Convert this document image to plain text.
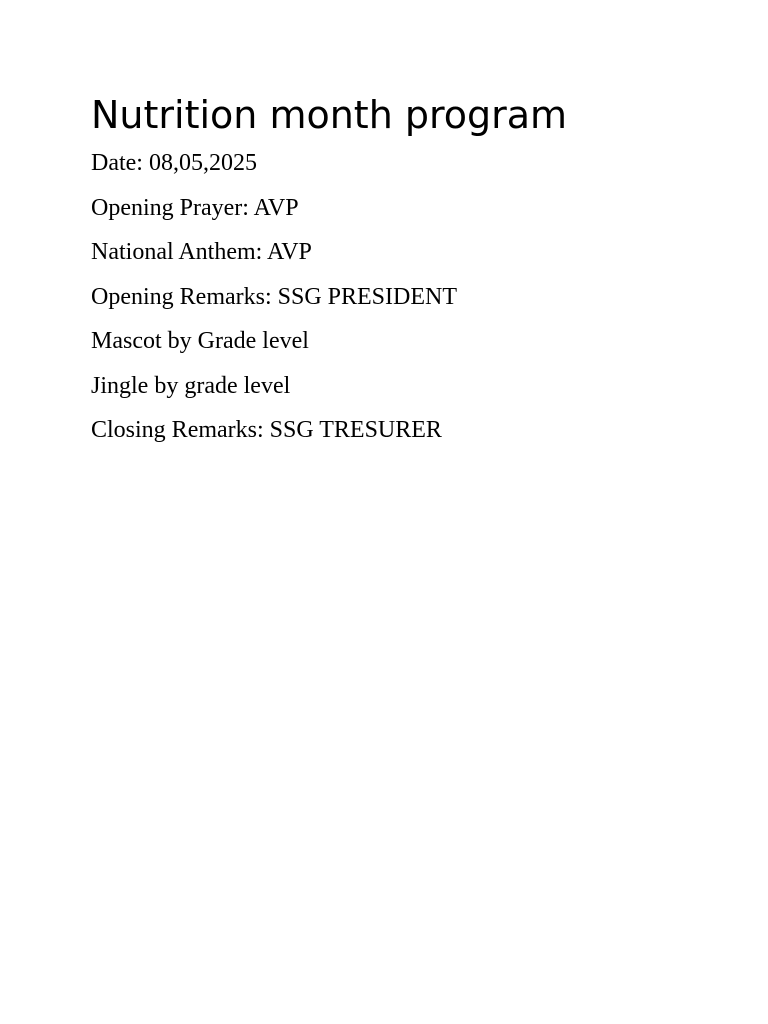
Nutrition month program
Date: 08,05,2025
Opening Prayer: AVP
National Anthem: AVP
Opening Remarks: SSG PRESIDENT
Mascot by Grade level
Jingle by grade level
Closing Remarks: SSG TRESURER
